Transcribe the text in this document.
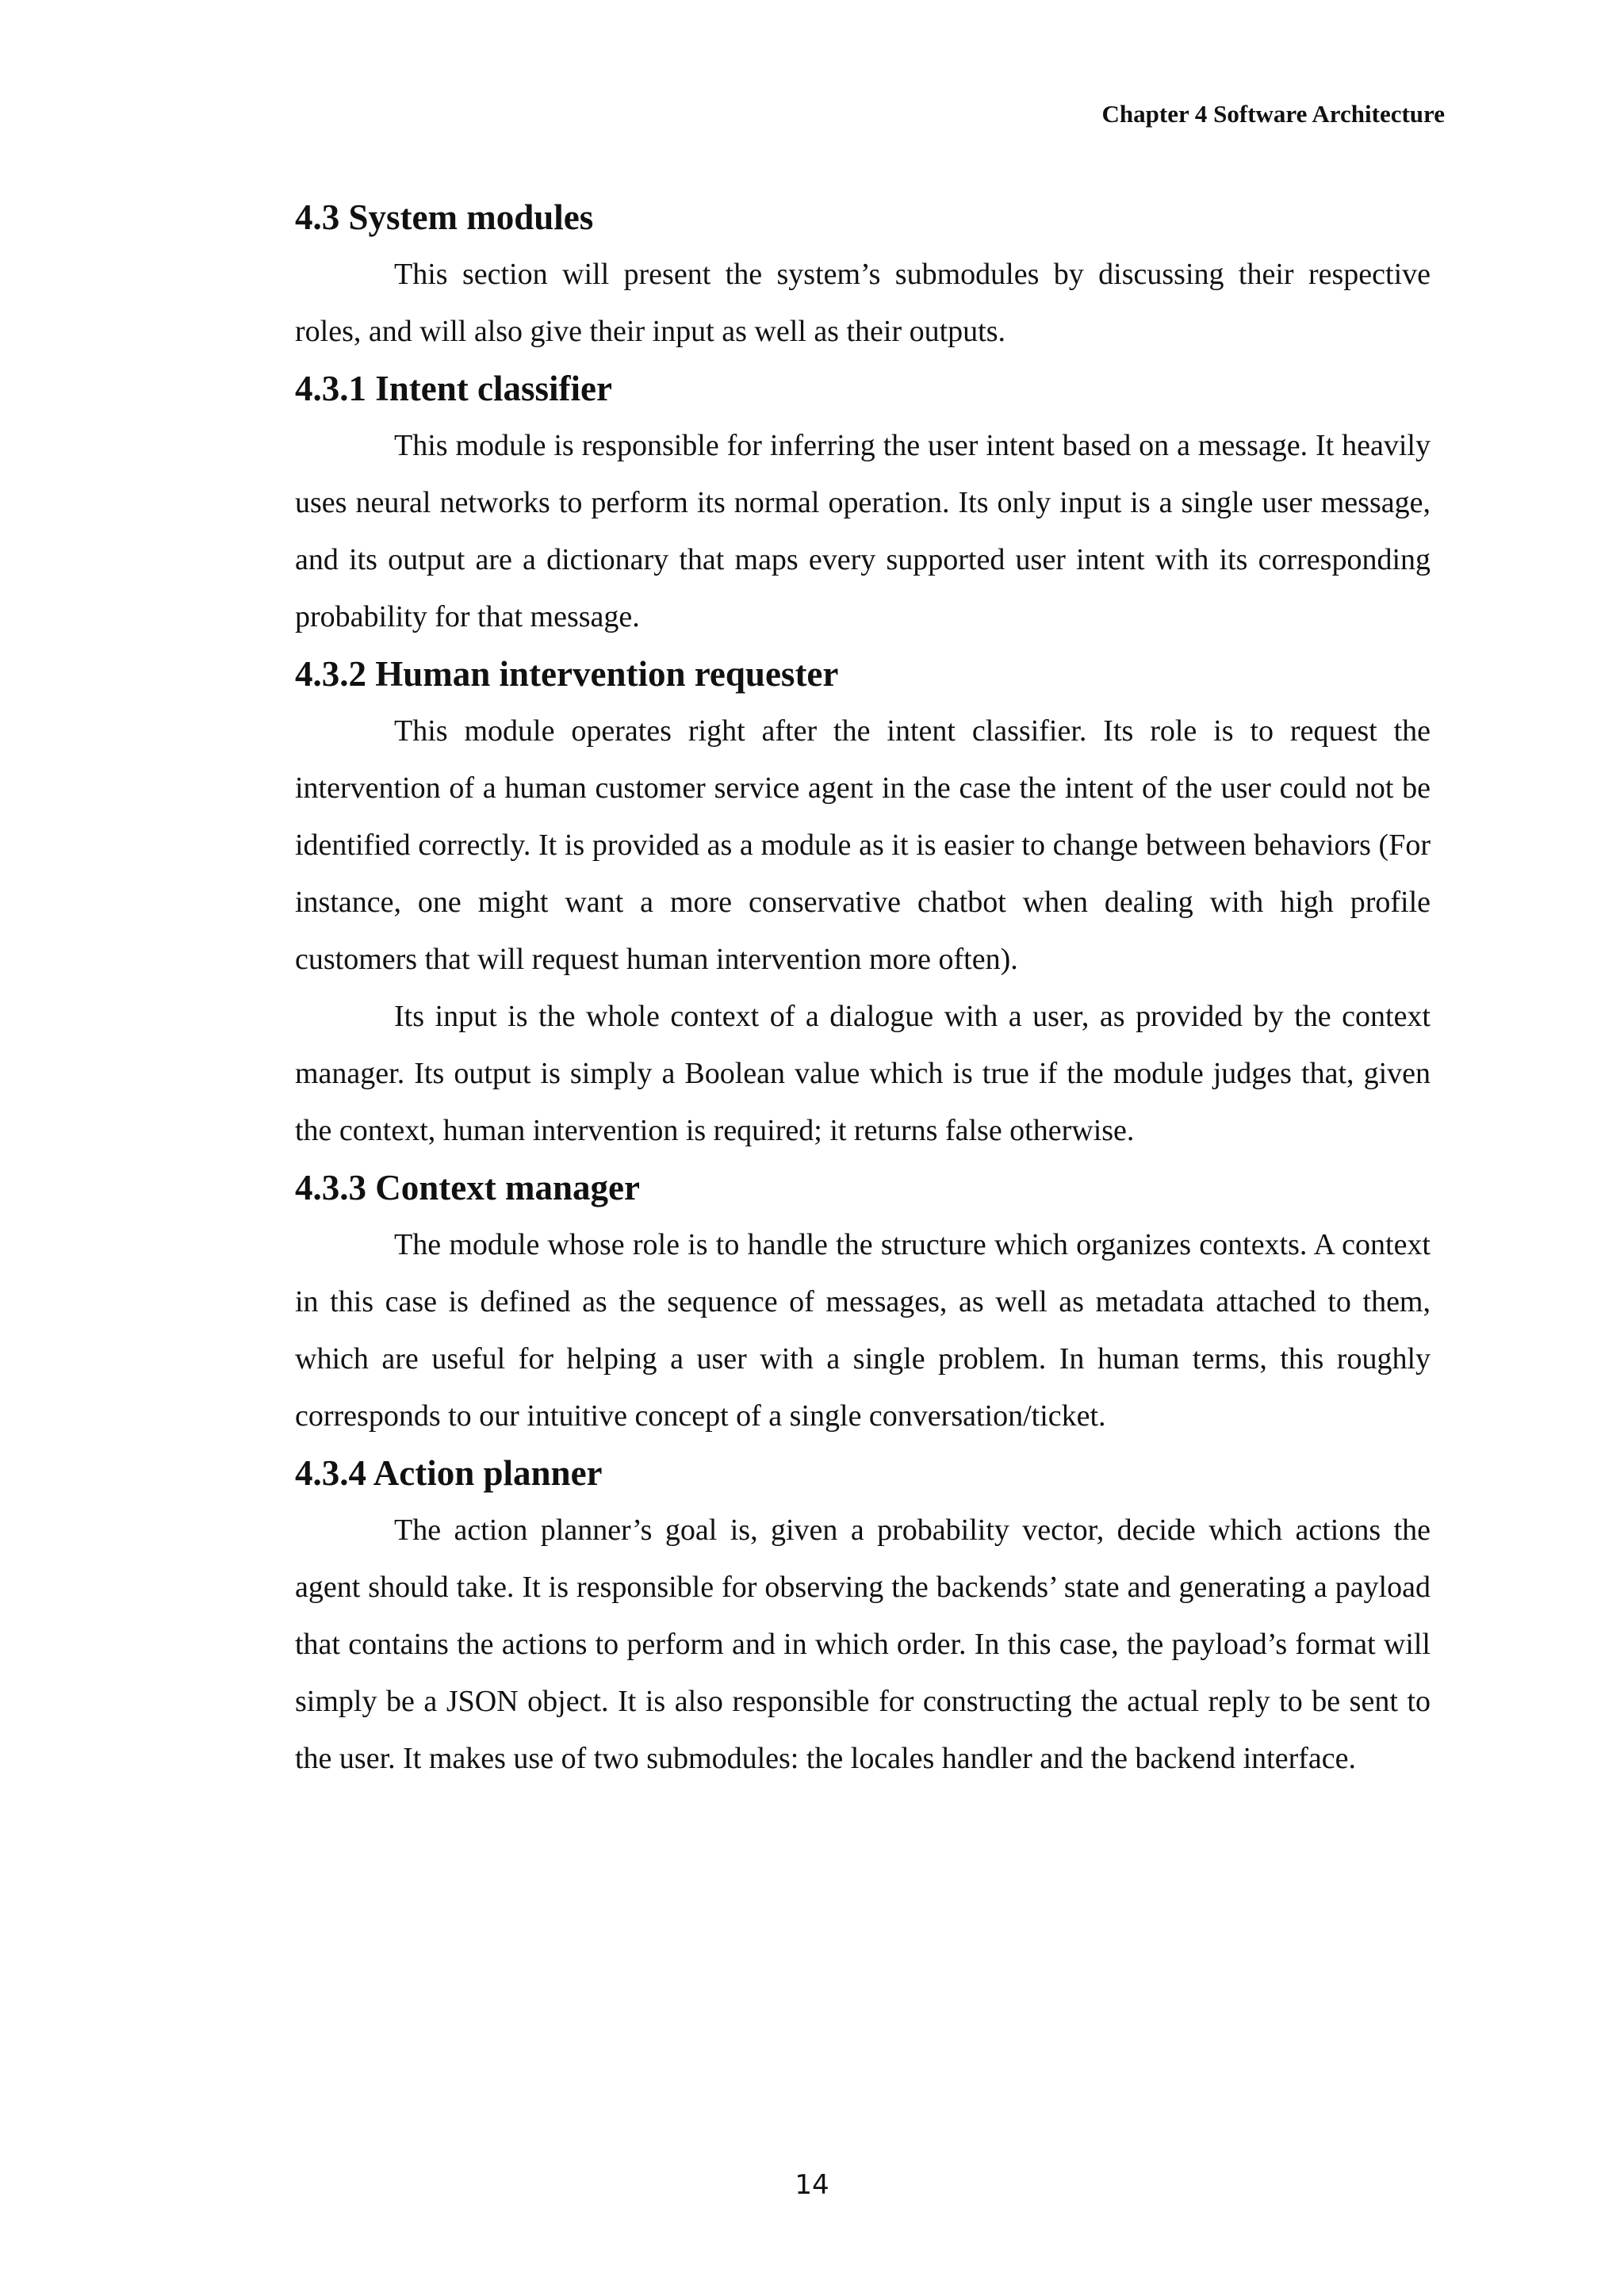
Chapter 4 Software Architecture
4.3 System modules

This section will present the system’s submodules by discussing their respective roles, and will also give their input as well as their outputs.

4.3.1 Intent classifier

This module is responsible for inferring the user intent based on a message. It heavily uses neural networks to perform its normal operation. Its only input is a single user message, and its output are a dictionary that maps every supported user intent with its corresponding probability for that message.

4.3.2 Human intervention requester

This module operates right after the intent classifier. Its role is to request the intervention of a human customer service agent in the case the intent of the user could not be identified correctly. It is provided as a module as it is easier to change between behaviors (For instance, one might want a more conservative chatbot when dealing with high profile customers that will request human intervention more often).

Its input is the whole context of a dialogue with a user, as provided by the context manager. Its output is simply a Boolean value which is true if the module judges that, given the context, human intervention is required; it returns false otherwise.

4.3.3 Context manager

The module whose role is to handle the structure which organizes contexts. A context in this case is defined as the sequence of messages, as well as metadata attached to them, which are useful for helping a user with a single problem. In human terms, this roughly corresponds to our intuitive concept of a single conversation/ticket.

4.3.4 Action planner

The action planner’s goal is, given a probability vector, decide which actions the agent should take. It is responsible for observing the backends’ state and generating a payload that contains the actions to perform and in which order. In this case, the payload’s format will simply be a JSON object. It is also responsible for constructing the actual reply to be sent to the user. It makes use of two submodules: the locales handler and the backend interface.

14
